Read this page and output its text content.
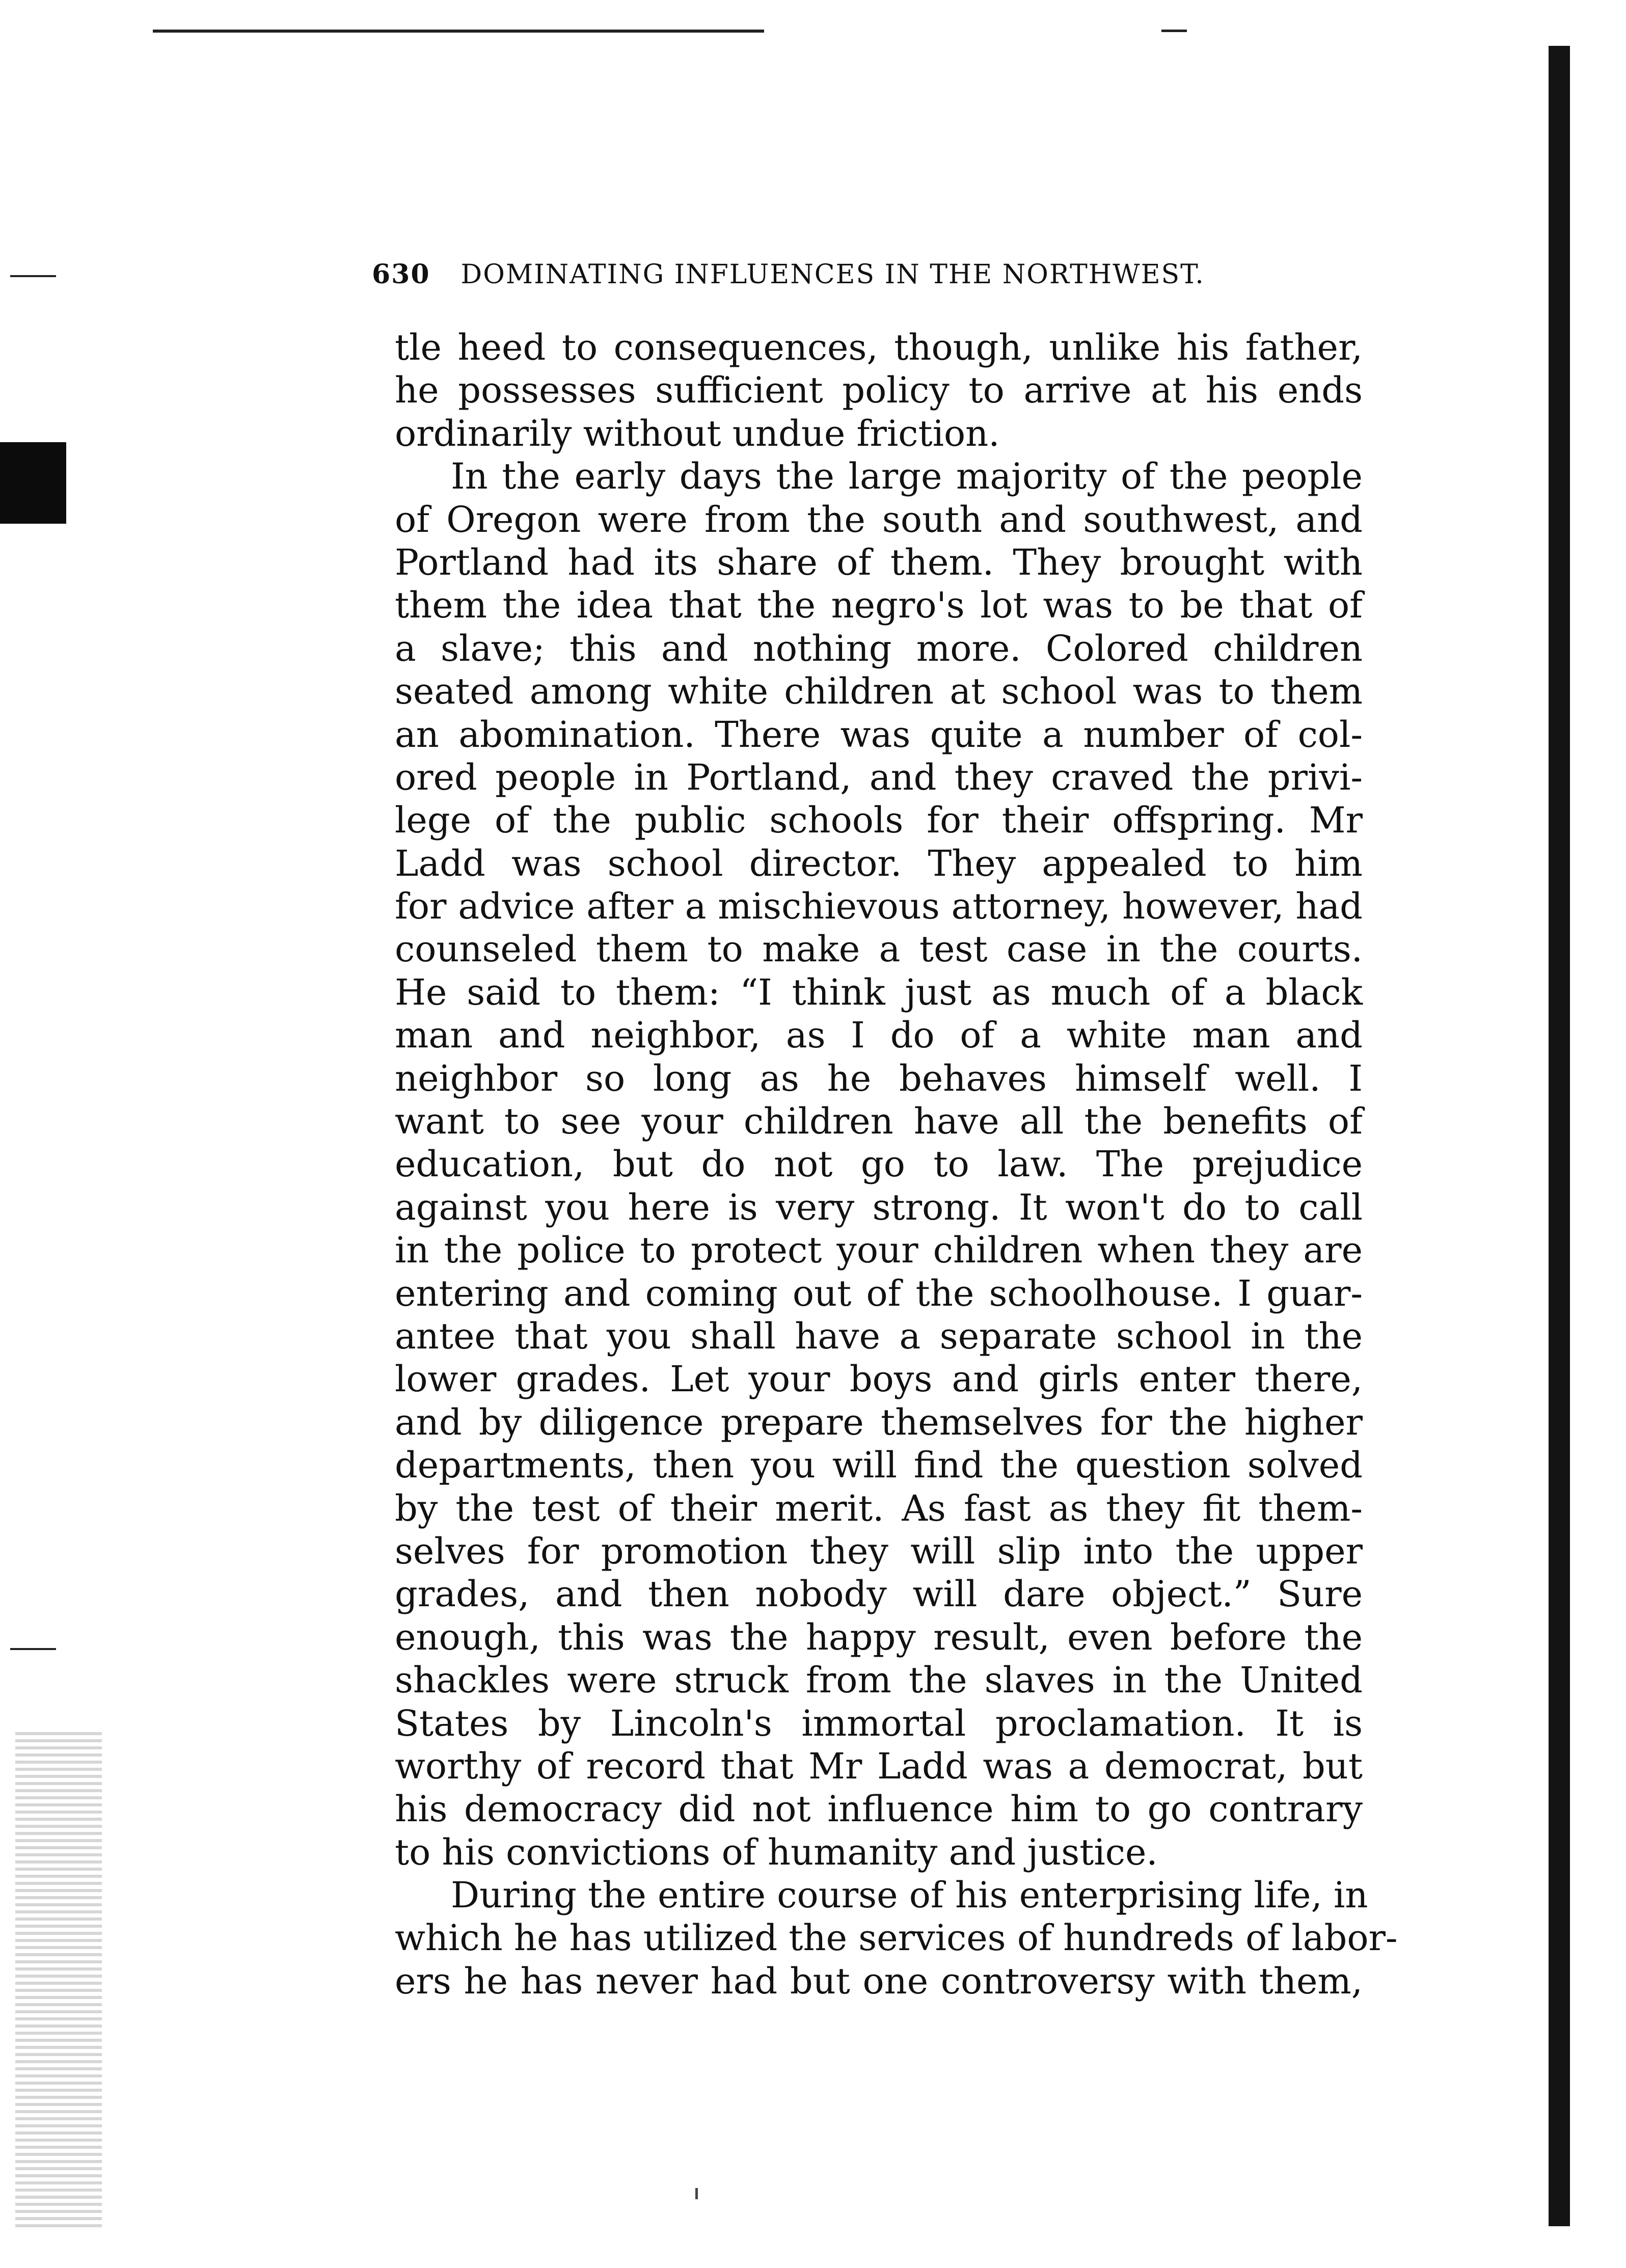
630 DOMINATING INFLUENCES IN THE NORTHWEST.
tle heed to consequences, though, unlike his father,
he possesses sufficient policy to arrive at his ends
ordinarily without undue friction.
In the early days the large majority of the people
of Oregon were from the south and southwest, and
Portland had its share of them. They brought with
them the idea that the negro's lot was to be that of
a slave; this and nothing more. Colored children
seated among white children at school was to them
an abomination. There was quite a number of col-
ored people in Portland, and they craved the privi-
lege of the public schools for their offspring. Mr
Ladd was school director. They appealed to him
for advice after a mischievous attorney, however, had
counseled them to make a test case in the courts.
He said to them: “I think just as much of a black
man and neighbor, as I do of a white man and
neighbor so long as he behaves himself well. I
want to see your children have all the benefits of
education, but do not go to law. The prejudice
against you here is very strong. It won't do to call
in the police to protect your children when they are
entering and coming out of the schoolhouse. I guar-
antee that you shall have a separate school in the
lower grades. Let your boys and girls enter there,
and by diligence prepare themselves for the higher
departments, then you will find the question solved
by the test of their merit. As fast as they fit them-
selves for promotion they will slip into the upper
grades, and then nobody will dare object.” Sure
enough, this was the happy result, even before the
shackles were struck from the slaves in the United
States by Lincoln's immortal proclamation. It is
worthy of record that Mr Ladd was a democrat, but
his democracy did not influence him to go contrary
to his convictions of humanity and justice.
During the entire course of his enterprising life, in
which he has utilized the services of hundreds of labor-
ers he has never had but one controversy with them,
